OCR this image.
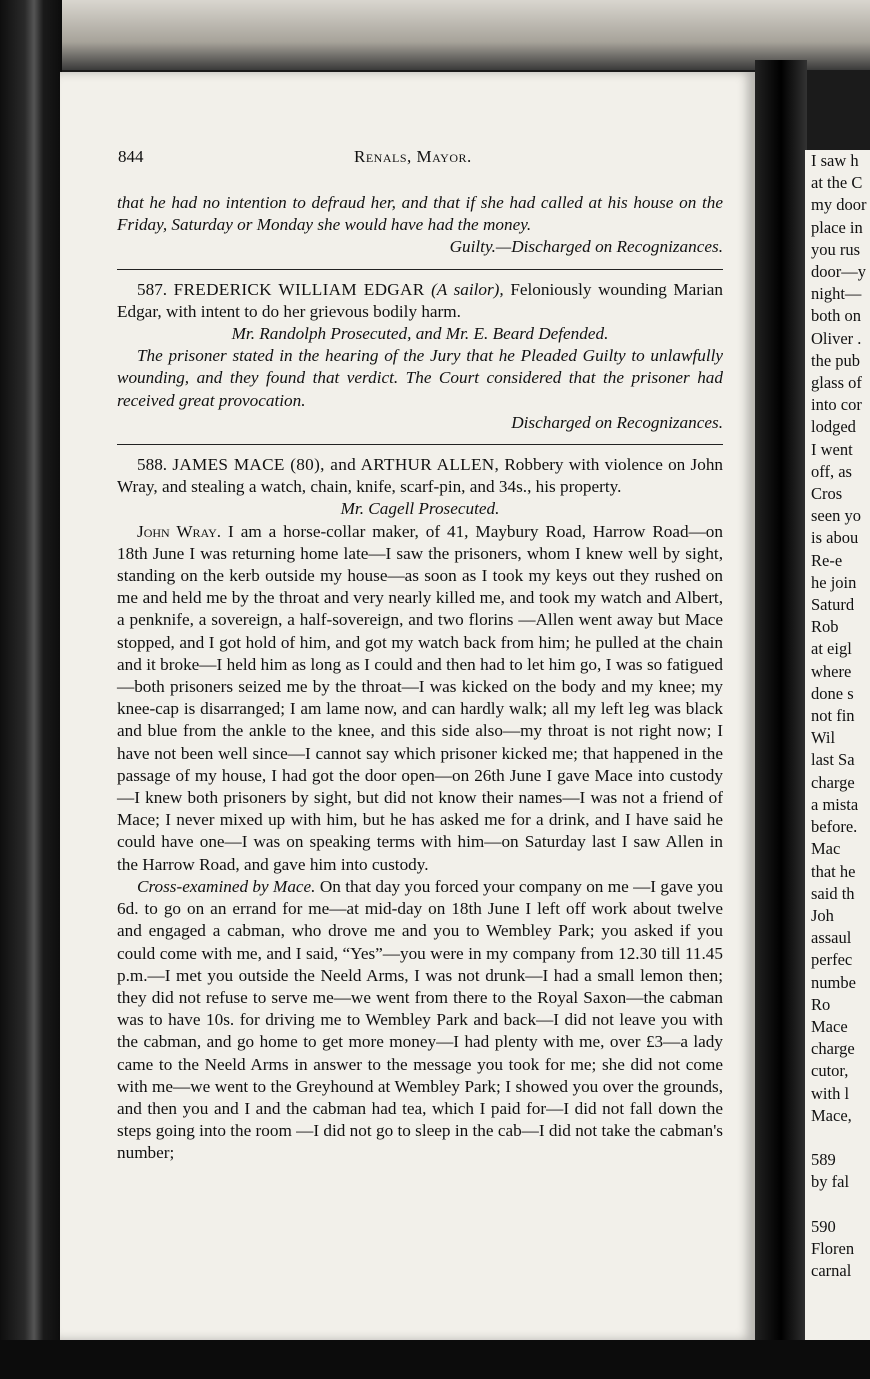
844	Renals, Mayor.

that he had no intention to defraud her, and that if she had called at his house on the Friday, Saturday or Monday she would have had the money.

Guilty.—Discharged on Recognizances.

587. FREDERICK WILLIAM EDGAR (A sailor), Feloniously wounding Marian Edgar, with intent to do her grievous bodily harm.

Mr. Randolph Prosecuted, and Mr. E. Beard Defended.

The prisoner stated in the hearing of the Jury that he Pleaded Guilty to unlawfully wounding, and they found that verdict. The Court considered that the prisoner had received great provocation.

Discharged on Recognizances.

588. JAMES MACE (80), and ARTHUR ALLEN, Robbery with violence on John Wray, and stealing a watch, chain, knife, scarf-pin, and 34s., his property.

Mr. Cagell Prosecuted.

John Wray. I am a horse-collar maker, of 41, Maybury Road, Harrow Road—on 18th June I was returning home late—I saw the prisoners, whom I knew well by sight, standing on the kerb outside my house—as soon as I took my keys out they rushed on me and held me by the throat and very nearly killed me, and took my watch and Albert, a penknife, a sovereign, a half-sovereign, and two florins —Allen went away but Mace stopped, and I got hold of him, and got my watch back from him; he pulled at the chain and it broke—I held him as long as I could and then had to let him go, I was so fatigued —both prisoners seized me by the throat—I was kicked on the body and my knee; my knee-cap is disarranged; I am lame now, and can hardly walk; all my left leg was black and blue from the ankle to the knee, and this side also—my throat is not right now; I have not been well since—I cannot say which prisoner kicked me; that happened in the passage of my house, I had got the door open—on 26th June I gave Mace into custody—I knew both prisoners by sight, but did not know their names—I was not a friend of Mace; I never mixed up with him, but he has asked me for a drink, and I have said he could have one—I was on speaking terms with him—on Saturday last I saw Allen in the Harrow Road, and gave him into custody.

Cross-examined by Mace. On that day you forced your company on me —I gave you 6d. to go on an errand for me—at mid-day on 18th June I left off work about twelve and engaged a cabman, who drove me and you to Wembley Park; you asked if you could come with me, and I said, “Yes”—you were in my company from 12.30 till 11.45 p.m.—I met you outside the Neeld Arms, I was not drunk—I had a small lemon then; they did not refuse to serve me—we went from there to the Royal Saxon—the cabman was to have 10s. for driving me to Wembley Park and back—I did not leave you with the cabman, and go home to get more money—I had plenty with me, over £3—a lady came to the Neeld Arms in answer to the message you took for me; she did not come with me—we went to the Greyhound at Wembley Park; I showed you over the grounds, and then you and I and the cabman had tea, which I paid for—I did not fall down the steps going into the room —I did not go to sleep in the cab—I did not take the cabman's number;

I saw h
at the C
my door
place in
you rus
door—y
night—
both on
Oliver .
the pub
glass of
into cor
lodged
I went
off, as
Cros
seen yo
is abou
Re-e
he join
Saturd
Rob
at eigl
where
done s
not fin
Wil
last Sa
charge
a mista
before.
Mac
that he
said th
Joh
assaul
perfec
numbe
Ro
Mace
charge
cutor,
with l
Mace,

589
by fal

590
Floren
carnal
